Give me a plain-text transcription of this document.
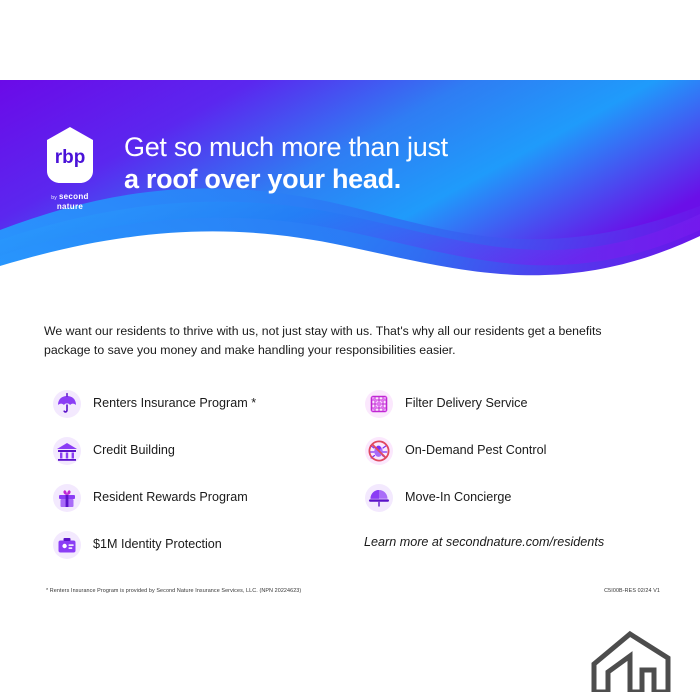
rbp
by second nature
Get so much more than just
a roof over your head.

We want our residents to thrive with us, not just stay with us. That's why all our residents get a benefits package to save you money and make handling your responsibilities easier.

Renters Insurance Program *
Credit Building
Resident Rewards Program
$1M Identity Protection
Filter Delivery Service
On-Demand Pest Control
Move-In Concierge
Learn more at secondnature.com/residents
* Renters Insurance Program is provided by Second Nature Insurance Services, LLC. (NPN 20224623)	C5I00B-RES 02/24 V1
